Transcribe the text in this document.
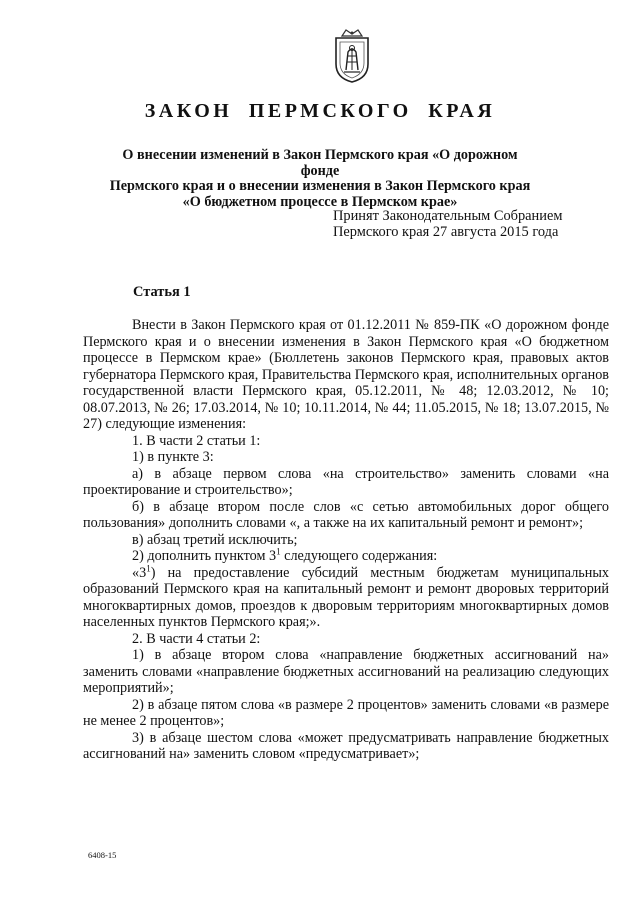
ЗАКОН ПЕРМСКОГО КРАЯ
О внесении изменений в Закон Пермского края «О дорожном фонде
Пермского края и о внесении изменения в Закон Пермского края
«О бюджетном процессе в Пермском крае»
Принят Законодательным Собранием
Пермского края 27 августа 2015 года
Статья 1

Внести в Закон Пермского края от 01.12.2011 № 859-ПК «О дорожном фонде Пермского края и о внесении изменения в Закон Пермского края «О бюджетном процессе в Пермском крае» (Бюллетень законов Пермского края, правовых актов губернатора Пермского края, Правительства Пермского края, исполнительных органов государственной власти Пермского края, 05.12.2011, № 48; 12.03.2012, № 10; 08.07.2013, № 26; 17.03.2014, № 10; 10.11.2014, № 44; 11.05.2015, № 18; 13.07.2015, № 27) следующие изменения:

1. В части 2 статьи 1:

1) в пункте 3:

а) в абзаце первом слова «на строительство» заменить словами «на проектирование и строительство»;

б) в абзаце втором после слов «с сетью автомобильных дорог общего пользования» дополнить словами «, а также на их капитальный ремонт и ремонт»;

в) абзац третий исключить;

2) дополнить пунктом $3^1$ следующего содержания:

«$3^1$) на предоставление субсидий местным бюджетам муниципальных образований Пермского края на капитальный ремонт и ремонт дворовых территорий многоквартирных домов, проездов к дворовым территориям многоквартирных домов населенных пунктов Пермского края;».

2. В части 4 статьи 2:

1) в абзаце втором слова «направление бюджетных ассигнований на» заменить словами «направление бюджетных ассигнований на реализацию следующих мероприятий»;

2) в абзаце пятом слова «в размере 2 процентов» заменить словами «в размере не менее 2 процентов»;

3) в абзаце шестом слова «может предусматривать направление бюджетных ассигнований на» заменить словом «предусматривает»;

6408-15
